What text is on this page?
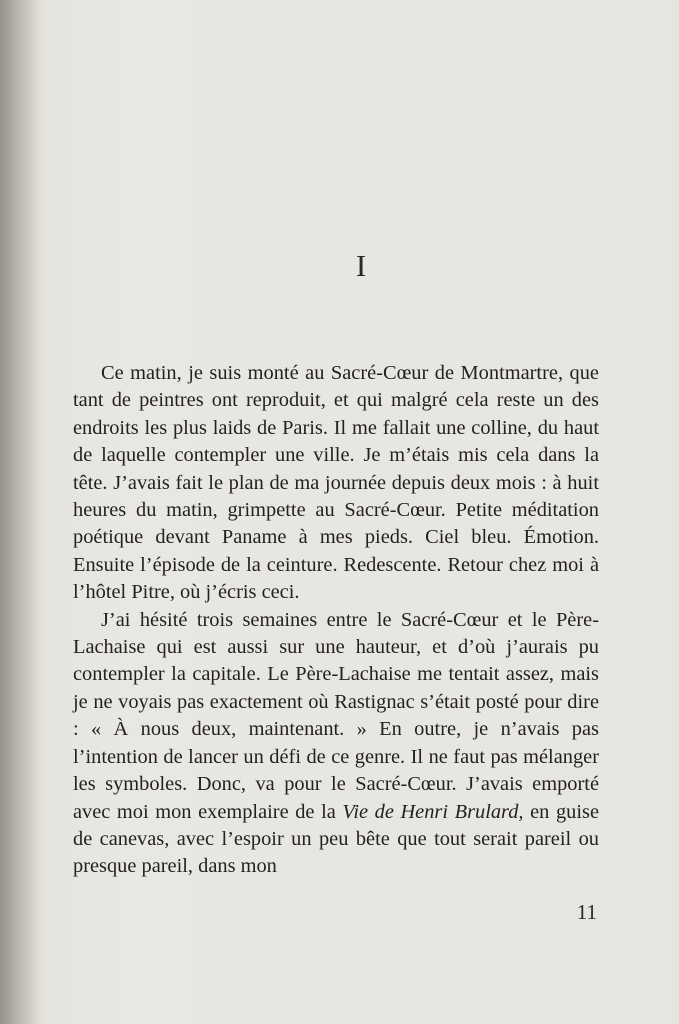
I

Ce matin, je suis monté au Sacré-Cœur de Montmartre, que tant de peintres ont reproduit, et qui malgré cela reste un des endroits les plus laids de Paris. Il me fallait une colline, du haut de laquelle contempler une ville. Je m’étais mis cela dans la tête. J’avais fait le plan de ma journée depuis deux mois : à huit heures du matin, grimpette au Sacré-Cœur. Petite méditation poétique devant Paname à mes pieds. Ciel bleu. Émotion. Ensuite l’épisode de la ceinture. Redescente. Retour chez moi à l’hôtel Pitre, où j’écris ceci.

J’ai hésité trois semaines entre le Sacré-Cœur et le Père-Lachaise qui est aussi sur une hauteur, et d’où j’aurais pu contempler la capitale. Le Père-Lachaise me tentait assez, mais je ne voyais pas exactement où Rastignac s’était posté pour dire : « À nous deux, maintenant. » En outre, je n’avais pas l’intention de lancer un défi de ce genre. Il ne faut pas mélanger les symboles. Donc, va pour le Sacré-Cœur. J’avais emporté avec moi mon exemplaire de la Vie de Henri Brulard, en guise de canevas, avec l’espoir un peu bête que tout serait pareil ou presque pareil, dans mon

11
